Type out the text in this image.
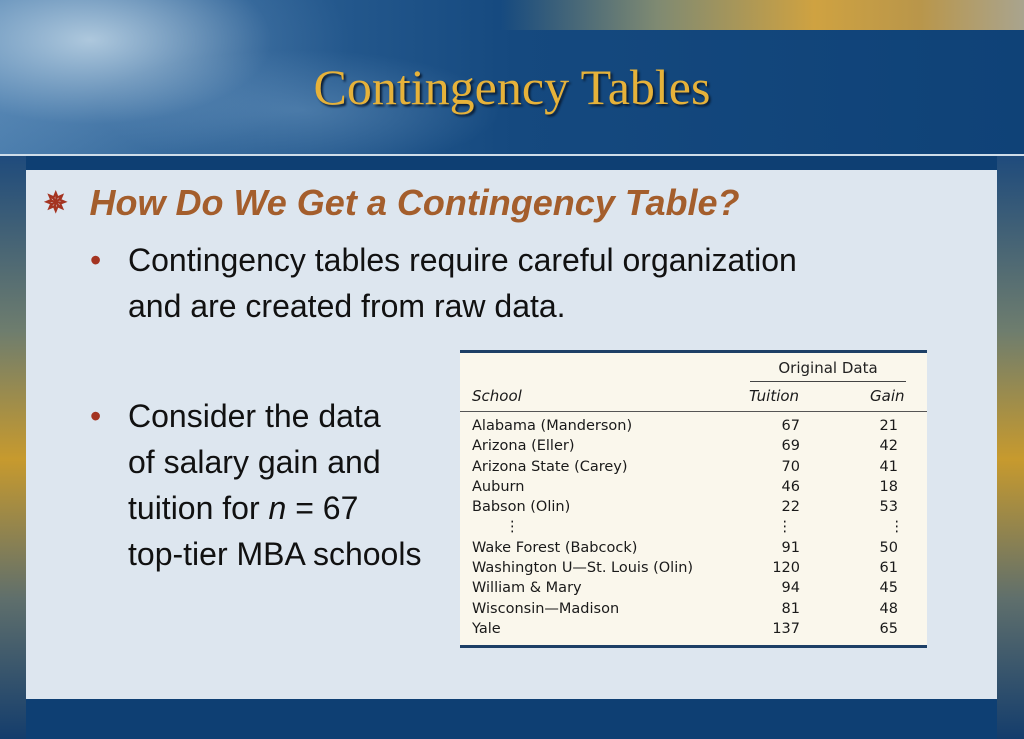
Contingency Tables
✵ How Do We Get a Contingency Table?
• Contingency tables require careful organization
and are created from raw data.
• Consider the data
of salary gain and
tuition for n = 67
top-tier MBA schools
Original Data
School	Tuition	Gain
Alabama (Manderson)	67	21
Arizona (Eller)	69	42
Arizona State (Carey)	70	41
Auburn	46	18
Babson (Olin)	22	53
⋮	⋮	⋮
Wake Forest (Babcock)	91	50
Washington U—St. Louis (Olin)	120	61
William & Mary	94	45
Wisconsin—Madison	81	48
Yale	137	65
